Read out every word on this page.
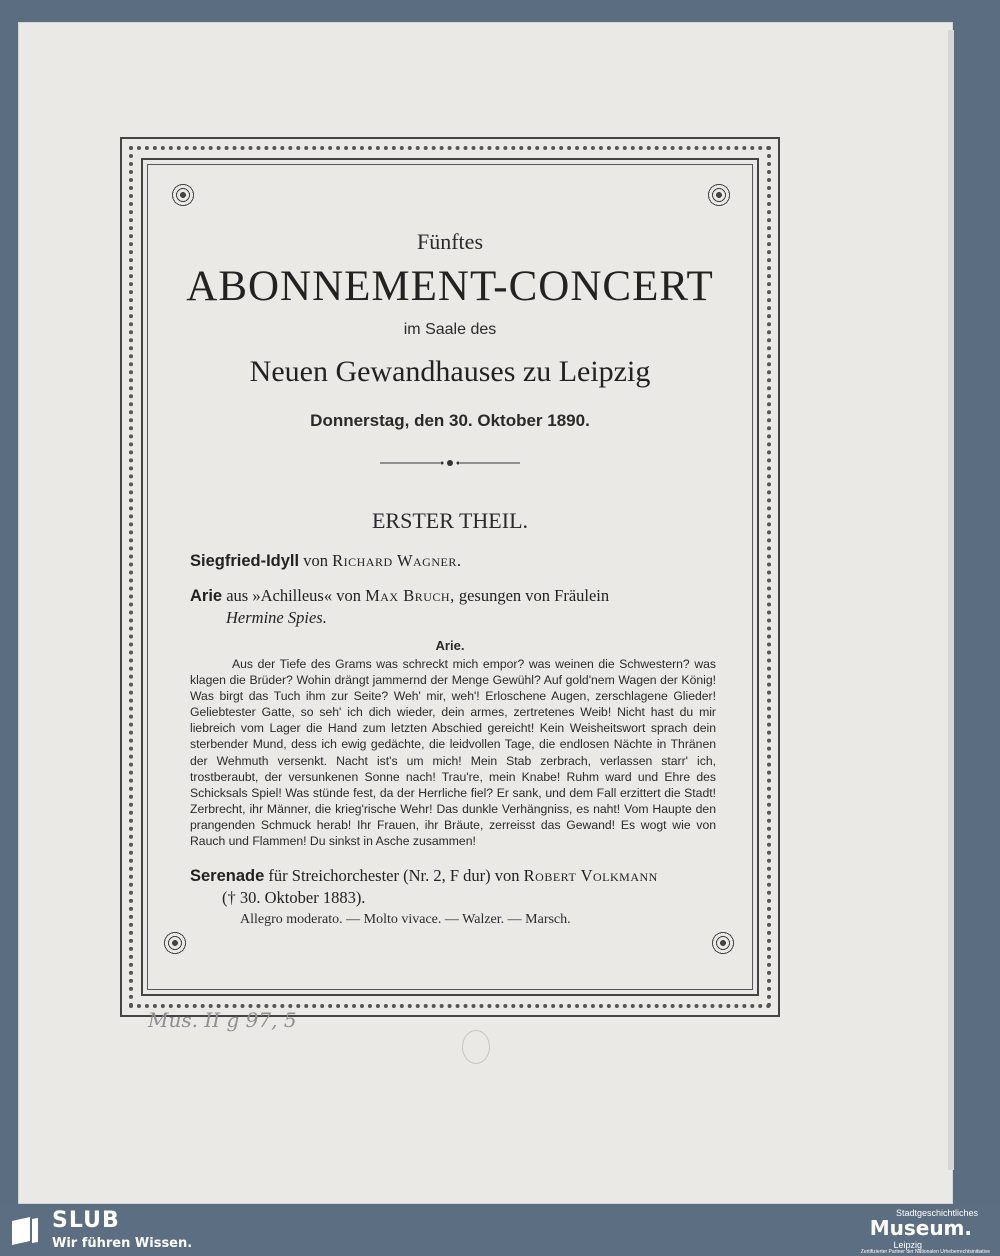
Fünftes
ABONNEMENT-CONCERT
im Saale des
Neuen Gewandhauses zu Leipzig
Donnerstag, den 30. Oktober 1890.
ERSTER THEIL.
Siegfried-Idyll von Richard Wagner.
Arie aus »Achilleus« von Max Bruch, gesungen von Fräulein
Hermine Spies.
Arie.
Aus der Tiefe des Grams was schreckt mich empor? was weinen die Schwestern? was klagen die Brüder? Wohin drängt jammernd der Menge Gewühl? Auf gold'nem Wagen der König! Was birgt das Tuch ihm zur Seite? Weh' mir, weh'! Erloschene Augen, zerschlagene Glieder! Geliebtester Gatte, so seh' ich dich wieder, dein armes, zertretenes Weib! Nicht hast du mir liebreich vom Lager die Hand zum letzten Abschied gereicht! Kein Weisheitswort sprach dein sterbender Mund, dess ich ewig gedächte, die leidvollen Tage, die endlosen Nächte in Thränen der Wehmuth versenkt. Nacht ist's um mich! Mein Stab zerbrach, verlassen starr' ich, trostberaubt, der versunkenen Sonne nach! Trau're, mein Knabe! Ruhm ward und Ehre des Schicksals Spiel! Was stünde fest, da der Herrliche fiel? Er sank, und dem Fall erzittert die Stadt! Zerbrecht, ihr Männer, die krieg'rische Wehr! Das dunkle Verhängniss, es naht! Vom Haupte den prangenden Schmuck herab! Ihr Frauen, ihr Bräute, zerreisst das Gewand! Es wogt wie von Rauch und Flammen! Du sinkst in Asche zusammen!
Serenade für Streichorchester (Nr. 2, F dur) von Robert Volkmann
(† 30. Oktober 1883).
Allegro moderato. — Molto vivace. — Walzer. — Marsch.
Mus. II g 97, 5
SLUB
Wir führen Wissen.
Stadtgeschichtliches
Museum.
Leipzig
Zertifizierter Partner der Nationalen Urheberrechtsinitiative
